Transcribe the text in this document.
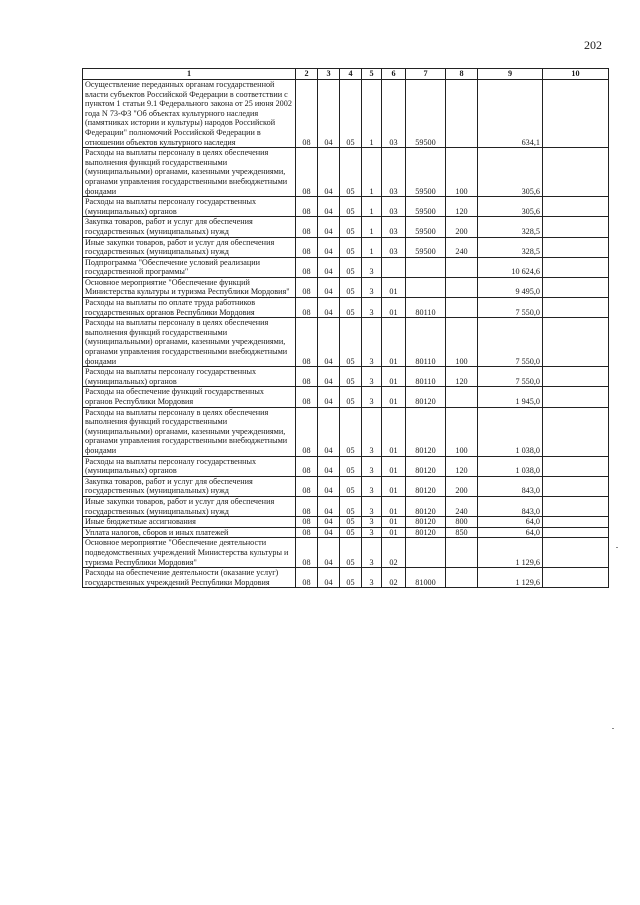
202
1	2	3	4	5	6	7	8	9	10
Осуществление переданных органам государственной власти субъектов Российской Федерации в соответствии с пунктом 1 статьи 9.1 Федерального закона от 25 июня 2002 года N 73-ФЗ "Об объектах культурного наследия (памятниках истории и культуры) народов Российской Федерации" полномочий Российской Федерации в отношении объектов культурного наследия	08	04	05	1	03	59500		634,1	
Расходы на выплаты персоналу в целях обеспечения выполнения функций государственными (муниципальными) органами, казенными учреждениями, органами управления государственными внебюджетными фондами	08	04	05	1	03	59500	100	305,6	
Расходы на выплаты персоналу государственных (муниципальных) органов	08	04	05	1	03	59500	120	305,6	
Закупка товаров, работ и услуг для обеспечения государственных (муниципальных) нужд	08	04	05	1	03	59500	200	328,5	
Иные закупки товаров, работ и услуг для обеспечения государственных (муниципальных) нужд	08	04	05	1	03	59500	240	328,5	
Подпрограмма "Обеспечение условий реализации государственной программы"	08	04	05	3				10 624,6	
Основное мероприятие "Обеспечение функций Министерства культуры и туризма Республики Мордовия"	08	04	05	3	01			9 495,0	
Расходы на выплаты по оплате труда работников государственных органов Республики Мордовия	08	04	05	3	01	80110		7 550,0	
Расходы на выплаты персоналу в целях обеспечения выполнения функций государственными (муниципальными) органами, казенными учреждениями, органами управления государственными внебюджетными фондами	08	04	05	3	01	80110	100	7 550,0	
Расходы на выплаты персоналу государственных (муниципальных) органов	08	04	05	3	01	80110	120	7 550,0	
Расходы на обеспечение функций государственных органов Республики Мордовия	08	04	05	3	01	80120		1 945,0	
Расходы на выплаты персоналу в целях обеспечения выполнения функций государственными (муниципальными) органами, казенными учреждениями, органами управления государственными внебюджетными фондами	08	04	05	3	01	80120	100	1 038,0	
Расходы на выплаты персоналу государственных (муниципальных) органов	08	04	05	3	01	80120	120	1 038,0	
Закупка товаров, работ и услуг для обеспечения государственных (муниципальных) нужд	08	04	05	3	01	80120	200	843,0	
Иные закупки товаров, работ и услуг для обеспечения государственных (муниципальных) нужд	08	04	05	3	01	80120	240	843,0	
Иные бюджетные ассигнования	08	04	05	3	01	80120	800	64,0	
Уплата налогов, сборов и иных платежей	08	04	05	3	01	80120	850	64,0	
Основное мероприятие "Обеспечение деятельности подведомственных учреждений Министерства культуры и туризма Республики Мордовия"	08	04	05	3	02			1 129,6	
Расходы на обеспечение деятельности (оказание услуг) государственных учреждений Республики Мордовия	08	04	05	3	02	81000		1 129,6	
